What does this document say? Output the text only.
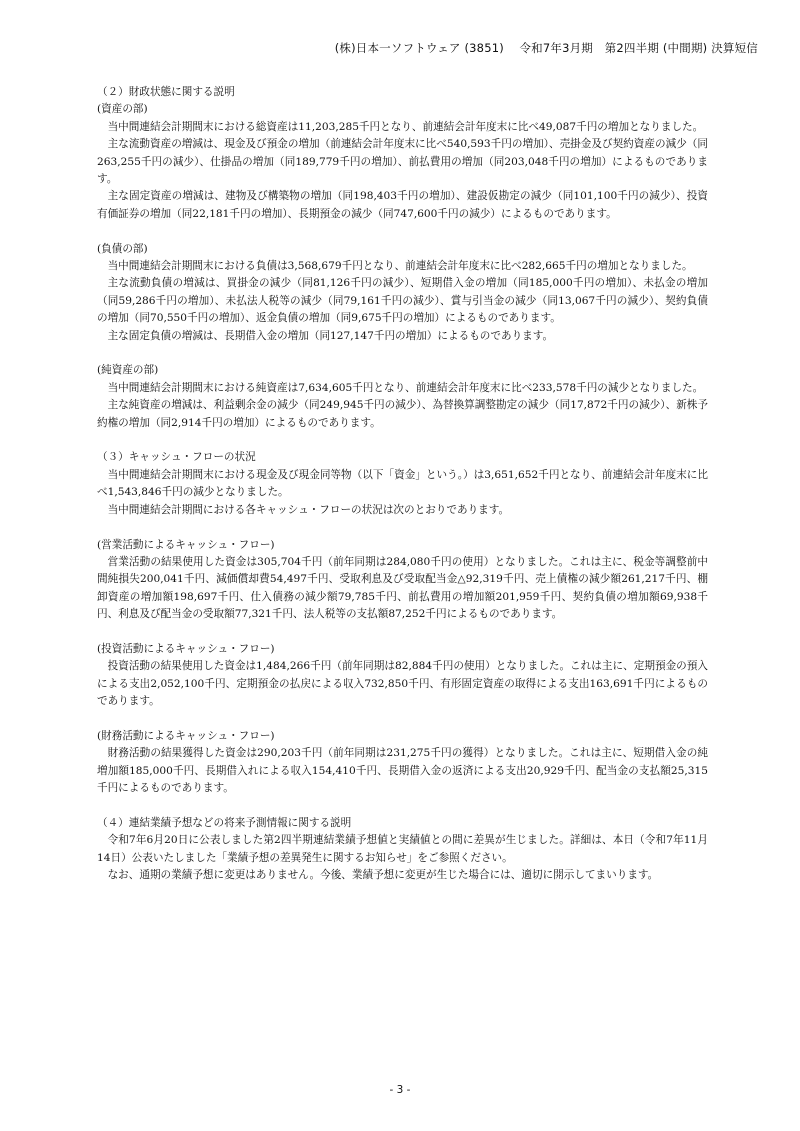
(株)日本一ソフトウェア (3851)　 令和7年3月期　第2四半期 (中間期) 決算短信

（２）財政状態に関する説明

(資産の部)

当中間連結会計期間末における総資産は11,203,285千円となり、前連結会計年度末に比べ49,087千円の増加となりました。

主な流動資産の増減は、現金及び預金の増加（前連結会計年度末に比べ540,593千円の増加）、売掛金及び契約資産の減少（同263,255千円の減少）、仕掛品の増加（同189,779千円の増加）、前払費用の増加（同203,048千円の増加）によるものであります。

主な固定資産の増減は、建物及び構築物の増加（同198,403千円の増加）、建設仮勘定の減少（同101,100千円の減少）、投資有価証券の増加（同22,181千円の増加）、長期預金の減少（同747,600千円の減少）によるものであります。

(負債の部)

当中間連結会計期間末における負債は3,568,679千円となり、前連結会計年度末に比べ282,665千円の増加となりました。

主な流動負債の増減は、買掛金の減少（同81,126千円の減少）、短期借入金の増加（同185,000千円の増加）、未払金の増加（同59,286千円の増加）、未払法人税等の減少（同79,161千円の減少）、賞与引当金の減少（同13,067千円の減少）、契約負債の増加（同70,550千円の増加）、返金負債の増加（同9,675千円の増加）によるものであります。

主な固定負債の増減は、長期借入金の増加（同127,147千円の増加）によるものであります。

(純資産の部)

当中間連結会計期間末における純資産は7,634,605千円となり、前連結会計年度末に比べ233,578千円の減少となりました。

主な純資産の増減は、利益剰余金の減少（同249,945千円の減少）、為替換算調整勘定の減少（同17,872千円の減少）、新株予約権の増加（同2,914千円の増加）によるものであります。

（３）キャッシュ・フローの状況

当中間連結会計期間末における現金及び現金同等物（以下「資金」という。）は3,651,652千円となり、前連結会計年度末に比べ1,543,846千円の減少となりました。

当中間連結会計期間における各キャッシュ・フローの状況は次のとおりであります。

(営業活動によるキャッシュ・フロー)

営業活動の結果使用した資金は305,704千円（前年同期は284,080千円の使用）となりました。これは主に、税金等調整前中間純損失200,041千円、減価償却費54,497千円、受取利息及び受取配当金△92,319千円、売上債権の減少額261,217千円、棚卸資産の増加額198,697千円、仕入債務の減少額79,785千円、前払費用の増加額201,959千円、契約負債の増加額69,938千円、利息及び配当金の受取額77,321千円、法人税等の支払額87,252千円によるものであります。

(投資活動によるキャッシュ・フロー)

投資活動の結果使用した資金は1,484,266千円（前年同期は82,884千円の使用）となりました。これは主に、定期預金の預入による支出2,052,100千円、定期預金の払戻による収入732,850千円、有形固定資産の取得による支出163,691千円によるものであります。

(財務活動によるキャッシュ・フロー)

財務活動の結果獲得した資金は290,203千円（前年同期は231,275千円の獲得）となりました。これは主に、短期借入金の純増加額185,000千円、長期借入れによる収入154,410千円、長期借入金の返済による支出20,929千円、配当金の支払額25,315千円によるものであります。

（４）連結業績予想などの将来予測情報に関する説明

令和7年6月20日に公表しました第2四半期連結業績予想値と実績値との間に差異が生じました。詳細は、本日（令和7年11月14日）公表いたしました「業績予想の差異発生に関するお知らせ」をご参照ください。

なお、通期の業績予想に変更はありません。今後、業績予想に変更が生じた場合には、適切に開示してまいります。

- 3 -
